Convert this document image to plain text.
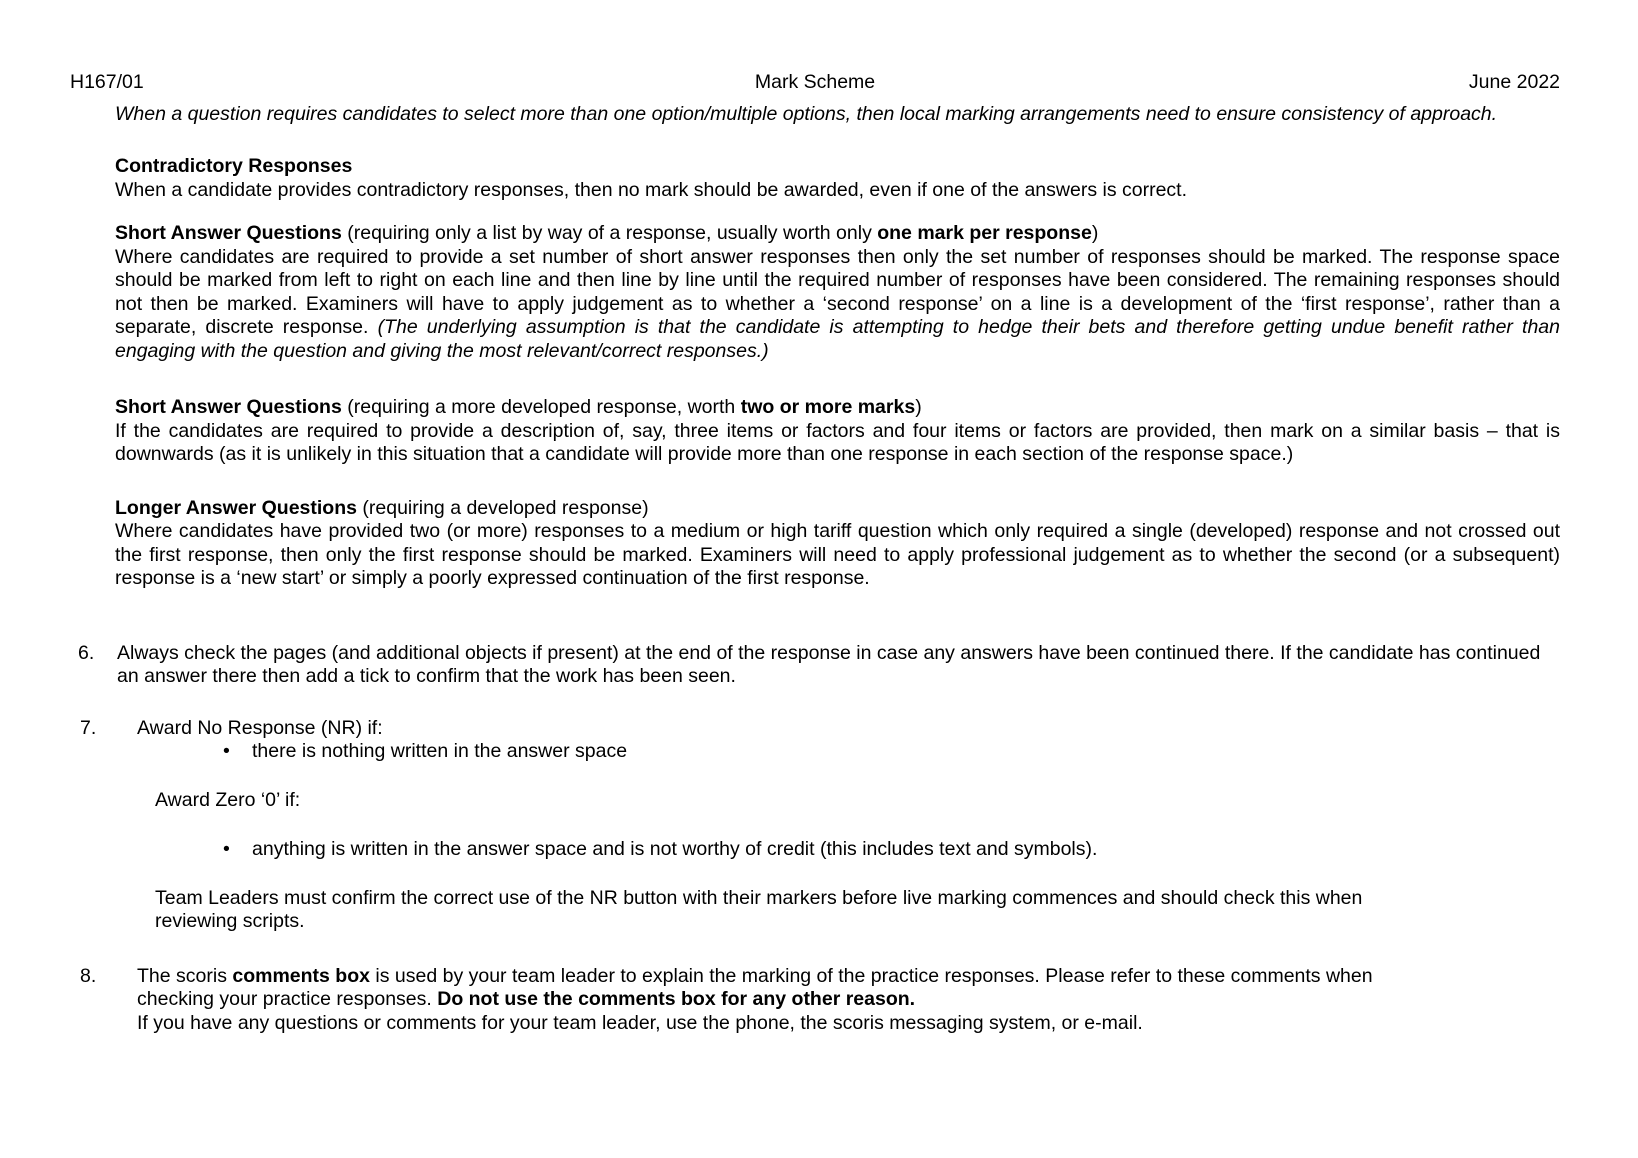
H167/01	Mark Scheme	June 2022
When a question requires candidates to select more than one option/multiple options, then local marking arrangements need to ensure consistency of approach.
Contradictory Responses
When a candidate provides contradictory responses, then no mark should be awarded, even if one of the answers is correct.
Short Answer Questions (requiring only a list by way of a response, usually worth only one mark per response)
Where candidates are required to provide a set number of short answer responses then only the set number of responses should be marked. The response space should be marked from left to right on each line and then line by line until the required number of responses have been considered. The remaining responses should not then be marked. Examiners will have to apply judgement as to whether a ‘second response’ on a line is a development of the ‘first response’, rather than a separate, discrete response. (The underlying assumption is that the candidate is attempting to hedge their bets and therefore getting undue benefit rather than engaging with the question and giving the most relevant/correct responses.)
Short Answer Questions (requiring a more developed response, worth two or more marks)
If the candidates are required to provide a description of, say, three items or factors and four items or factors are provided, then mark on a similar basis – that is downwards (as it is unlikely in this situation that a candidate will provide more than one response in each section of the response space.)
Longer Answer Questions (requiring a developed response)
Where candidates have provided two (or more) responses to a medium or high tariff question which only required a single (developed) response and not crossed out the first response, then only the first response should be marked. Examiners will need to apply professional judgement as to whether the second (or a subsequent) response is a ‘new start’ or simply a poorly expressed continuation of the first response.
6. Always check the pages (and additional objects if present) at the end of the response in case any answers have been continued there. If the candidate has continued an answer there then add a tick to confirm that the work has been seen.
7. Award No Response (NR) if:
• there is nothing written in the answer space
Award Zero ‘0’ if:
• anything is written in the answer space and is not worthy of credit (this includes text and symbols).
Team Leaders must confirm the correct use of the NR button with their markers before live marking commences and should check this when reviewing scripts.
8. The scoris comments box is used by your team leader to explain the marking of the practice responses. Please refer to these comments when checking your practice responses. Do not use the comments box for any other reason.
If you have any questions or comments for your team leader, use the phone, the scoris messaging system, or e-mail.
